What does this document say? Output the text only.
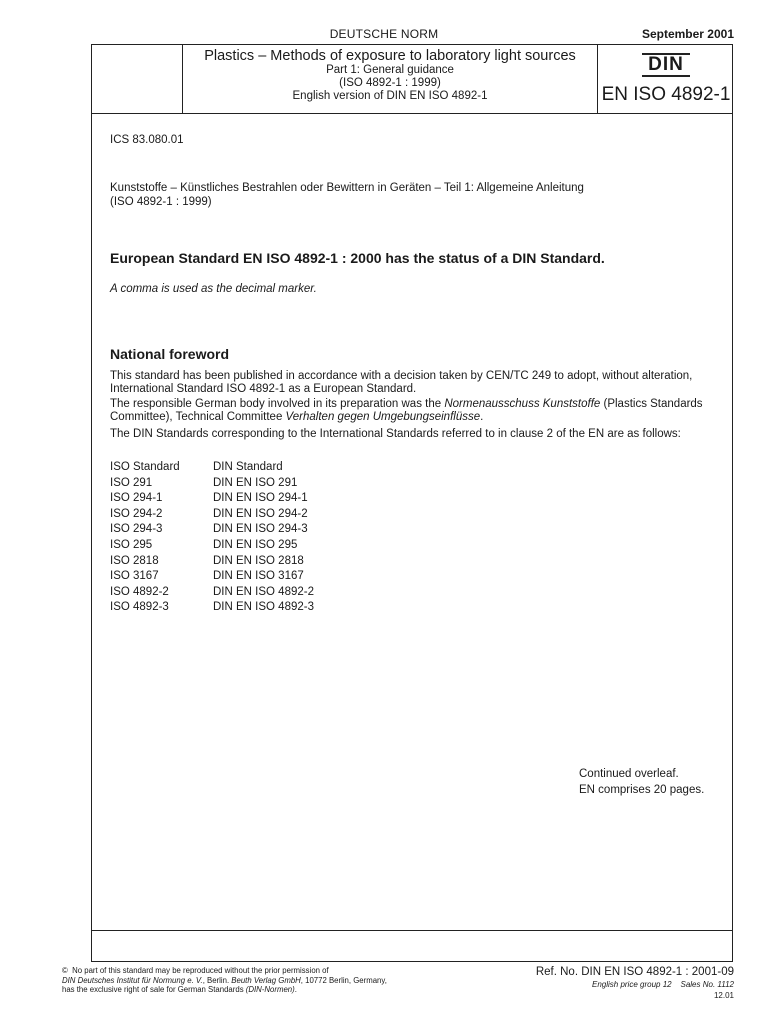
DEUTSCHE NORM	September 2001
Plastics – Methods of exposure to laboratory light sources
Part 1: General guidance
(ISO 4892-1 : 1999)
English version of DIN EN ISO 4892-1
DIN
EN ISO 4892-1
ICS 83.080.01
Kunststoffe – Künstliches Bestrahlen oder Bewittern in Geräten – Teil 1: Allgemeine Anleitung
(ISO 4892-1 : 1999)
European Standard EN ISO 4892-1 : 2000 has the status of a DIN Standard.
A comma is used as the decimal marker.
National foreword
This standard has been published in accordance with a decision taken by CEN/TC 249 to adopt, without alteration, International Standard ISO 4892-1 as a European Standard.
The responsible German body involved in its preparation was the Normenausschuss Kunststoffe (Plastics Standards Committee), Technical Committee Verhalten gegen Umgebungseinflüsse.
The DIN Standards corresponding to the International Standards referred to in clause 2 of the EN are as follows:
ISO Standard	DIN Standard
ISO 291	DIN EN ISO 291
ISO 294-1	DIN EN ISO 294-1
ISO 294-2	DIN EN ISO 294-2
ISO 294-3	DIN EN ISO 294-3
ISO 295	DIN EN ISO 295
ISO 2818	DIN EN ISO 2818
ISO 3167	DIN EN ISO 3167
ISO 4892-2	DIN EN ISO 4892-2
ISO 4892-3	DIN EN ISO 4892-3
Continued overleaf.
EN comprises 20 pages.
© No part of this standard may be reproduced without the prior permission of
DIN Deutsches Institut für Normung e. V., Berlin. Beuth Verlag GmbH, 10772 Berlin, Germany,
has the exclusive right of sale for German Standards (DIN-Normen).
Ref. No. DIN EN ISO 4892-1 : 2001-09
English price group 12 Sales No. 1112
12.01
